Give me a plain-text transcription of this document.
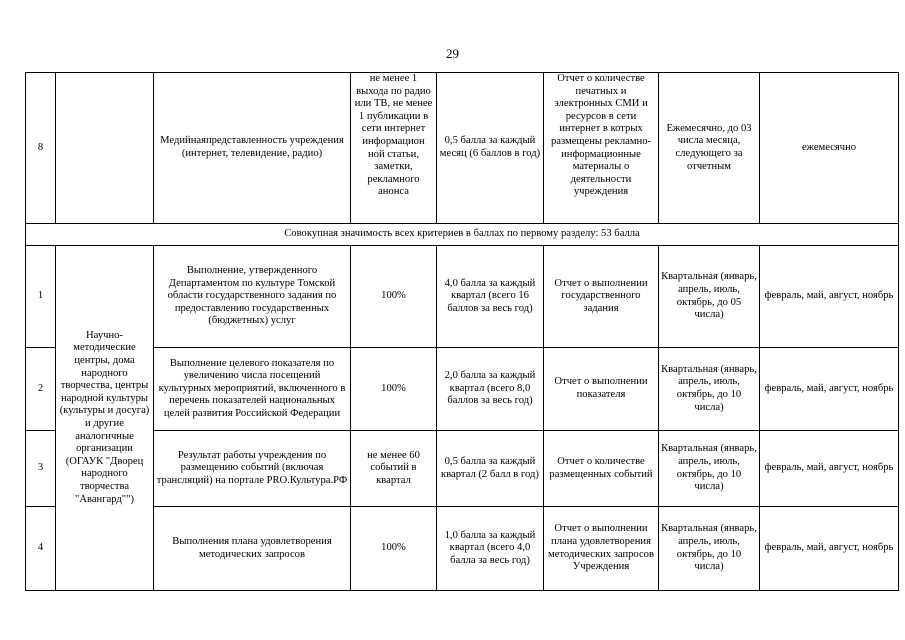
29
8		Медийнаяпредставленность учреждения (интернет, телевидение, радио)	не менее 1 выхода по радио или ТВ, не менее 1 публикации в сети интернет информацион ной статьи, заметки, рекламного анонса	0,5 балла за каждый месяц (6 баллов в год)	Отчет о количестве печатных и электронных СМИ и ресурсов в сети интернет в котрых размещены рекламно-информационные материалы о деятельности учреждения	Ежемесячно, до 03 числа месяца, следующего за отчетным	ежемесячно
Совокупная значимость всех критериев в баллах по первому разделу: 53 балла							
1	Научно-методические центры, дома народного творчества, центры народной культуры (культуры и досуга) и другие аналогичные организации (ОГАУК "Дворец народного творчества "Авангард"")	Выполнение, утвержденного Департаментом по культуре Томской области государственного задания по предоставлению государственных (бюджетных) услуг	100%	4,0 балла за каждый квартал (всего 16 баллов за весь год)	Отчет о выполнении государственного задания	Квартальная (январь, апрель, июль, октябрь, до 05 числа)	февраль, май, август, ноябрь
2		Выполнение целевого показателя по увеличению числа посещений культурных мероприятий, включенного в перечень показателей национальных целей развития Российской Федерации	100%	2,0 балла за каждый квартал (всего 8,0 баллов за весь год)	Отчет о выполнении показателя	Квартальная (январь, апрель, июль, октябрь, до 10 числа)	февраль, май, август, ноябрь
3		Результат работы учреждения по размещению событий (включая трансляций) на портале PRO.Культура.РФ	не менее 60 событий в квартал	0,5 балла за каждый квартал (2 балл в год)	Отчет о количестве размещенных событий	Квартальная (январь, апрель, июль, октябрь, до 10 числа)	февраль, май, август, ноябрь
4		Выполнения плана удовлетворения методических запросов	100%	1,0 балла за каждый квартал (всего 4,0 балла за весь год)	Отчет о выполнении плана удовлетворения методических запросов Учреждения	Квартальная (январь, апрель, июль, октябрь, до 10 числа)	февраль, май, август, ноябрь
